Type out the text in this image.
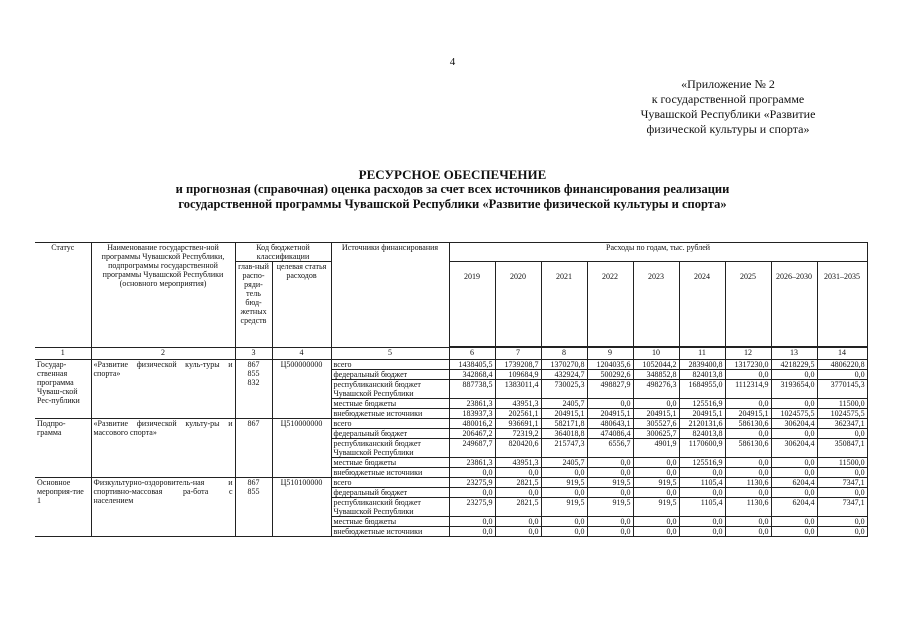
4
«Приложение № 2
к государственной программе
Чувашской Республики «Развитие
физической культуры и спорта»
РЕСУРСНОЕ ОБЕСПЕЧЕНИЕ
и прогнозная (справочная) оценка расходов за счет всех источников финансирования реализации
государственной программы Чувашской Республики «Развитие физической культуры и спорта»
Статус	Наименование государствен-ной программы Чувашской Республики, подпрограммы государственной программы Чувашской Республики (основного мероприятия)	Код бюджетной классификации		Источники финансирования	Расходы по годам, тыс. рублей								
		глав-ный распо-ряди-тель бюд-жетных средств	целевая статья расходов		2019	2020	2021	2022	2023	2024	2025	2026–2030	2031–2035

1	2	3	4	5	6	7	8	9	10	11	12	13	14
Государ-ственная программа Чуваш-ской Рес-публики	«Развитие физической куль-туры и спорта»	867
855
832	Ц500000000	всего	1438405,5	1739208,7	1370270,8	1204035,6	1052044,2	2839400,8	1317230,0	4218229,5	4806220,8
				федеральный бюджет	342868,4	109684,9	432924,7	500292,6	348852,8	824013,8	0,0	0,0	0,0
				республиканский бюджет Чувашской Республики	887738,5	1383011,4	730025,3	498827,9	498276,3	1684955,0	1112314,9	3193654,0	3770145,3
				местные бюджеты	23861,3	43951,3	2405,7	0,0	0,0	125516,9	0,0	0,0	11500,0
				внебюджетные источники	183937,3	202561,1	204915,1	204915,1	204915,1	204915,1	204915,1	1024575,5	1024575,5
Подпро-грамма	«Развитие физической культу-ры и массового спорта»	867	Ц510000000	всего	480016,2	936691,1	582171,8	480643,1	305527,6	2120131,6	586130,6	306204,4	362347,1
				федеральный бюджет	206467,2	72319,2	364018,8	474086,4	300625,7	824013,8	0,0	0,0	0,0
				республиканский бюджет Чувашской Республики	249687,7	820420,6	215747,3	6556,7	4901,9	1170600,9	586130,6	306204,4	350847,1
				местные бюджеты	23861,3	43951,3	2405,7	0,0	0,0	125516,9	0,0	0,0	11500,0
				внебюджетные источники	0,0	0,0	0,0	0,0	0,0	0,0	0,0	0,0	0,0
Основное мероприя-тие 1	Физкультурно-оздоровитель-ная и спортивно-массовая ра-бота с населением	867
855	Ц510100000	всего	23275,9	2821,5	919,5	919,5	919,5	1105,4	1130,6	6204,4	7347,1
				федеральный бюджет	0,0	0,0	0,0	0,0	0,0	0,0	0,0	0,0	0,0
				республиканский бюджет Чувашской Республики	23275,9	2821,5	919,5	919,5	919,5	1105,4	1130,6	6204,4	7347,1
				местные бюджеты	0,0	0,0	0,0	0,0	0,0	0,0	0,0	0,0	0,0
				внебюджетные источники	0,0	0,0	0,0	0,0	0,0	0,0	0,0	0,0	0,0
